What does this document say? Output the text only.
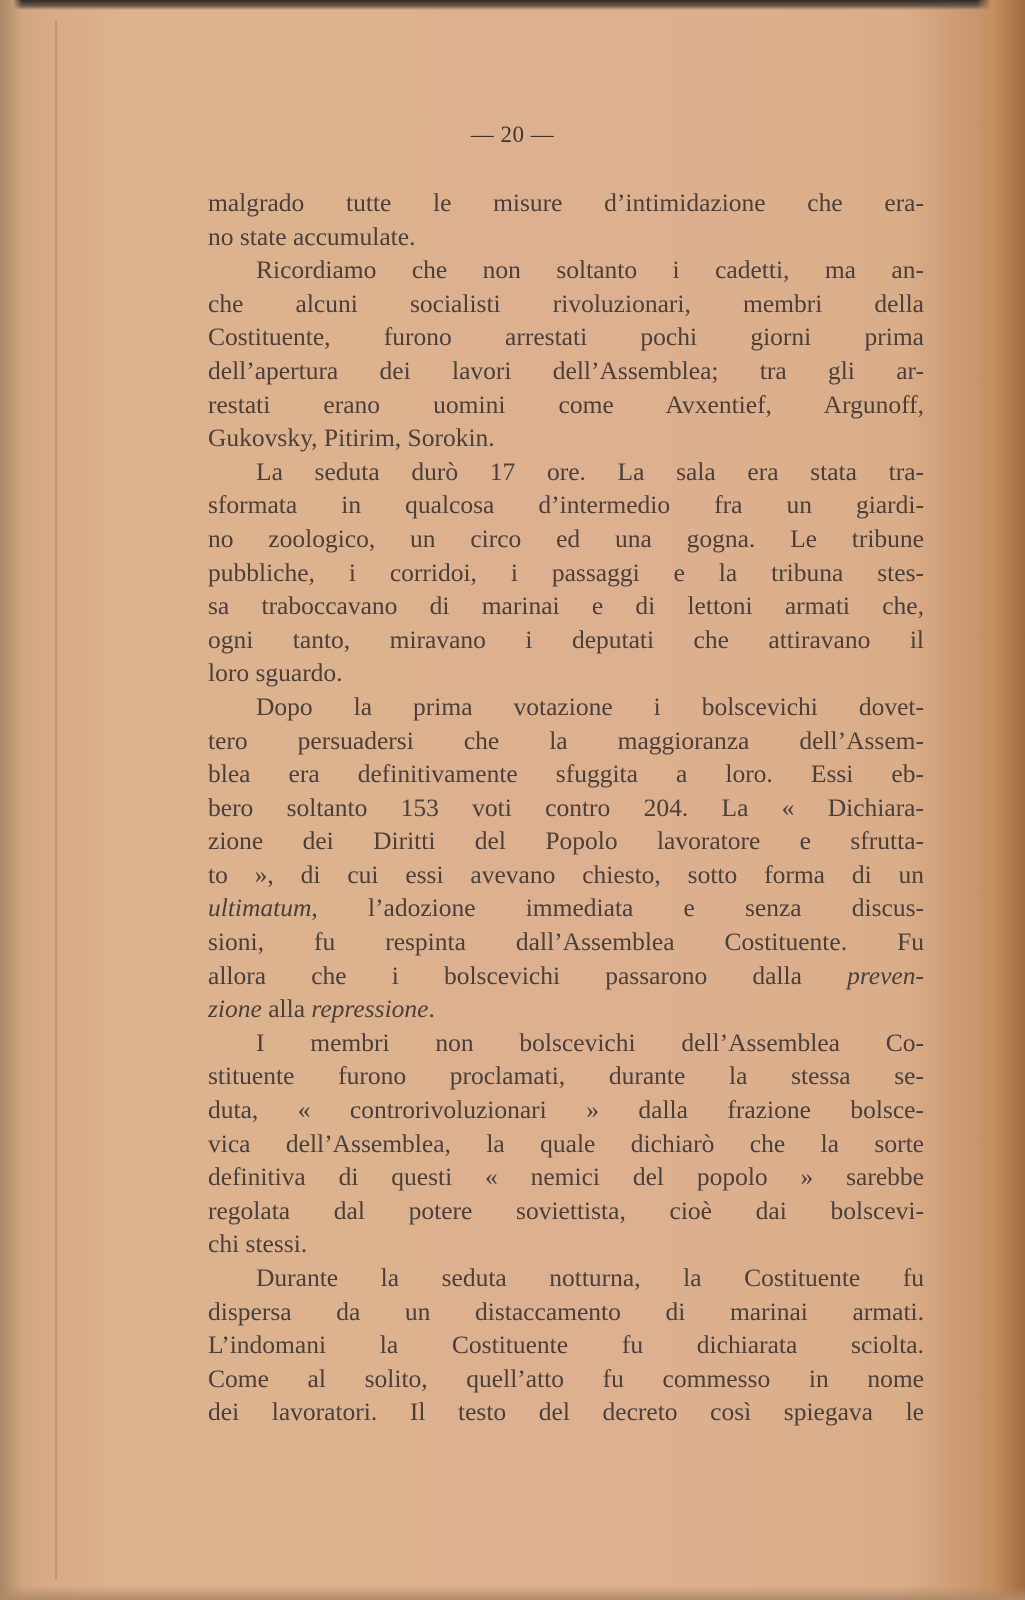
— 20 —
malgrado tutte le misure d’intimidazione che era-
no state accumulate.
Ricordiamo che non soltanto i cadetti, ma an-
che alcuni socialisti rivoluzionari, membri della
Costituente, furono arrestati pochi giorni prima
dell’apertura dei lavori dell’Assemblea; tra gli ar-
restati erano uomini come Avxentief, Argunoff,
Gukovsky, Pitirim, Sorokin.
La seduta durò 17 ore. La sala era stata tra-
sformata in qualcosa d’intermedio fra un giardi-
no zoologico, un circo ed una gogna. Le tribune
pubbliche, i corridoi, i passaggi e la tribuna stes-
sa traboccavano di marinai e di lettoni armati che,
ogni tanto, miravano i deputati che attiravano il
loro sguardo.
Dopo la prima votazione i bolscevichi dovet-
tero persuadersi che la maggioranza dell’Assem-
blea era definitivamente sfuggita a loro. Essi eb-
bero soltanto 153 voti contro 204. La « Dichiara-
zione dei Diritti del Popolo lavoratore e sfrutta-
to », di cui essi avevano chiesto, sotto forma di un
ultimatum, l’adozione immediata e senza discus-
sioni, fu respinta dall’Assemblea Costituente. Fu
allora che i bolscevichi passarono dalla preven-
zione alla repressione.
I membri non bolscevichi dell’Assemblea Co-
stituente furono proclamati, durante la stessa se-
duta, « controrivoluzionari » dalla frazione bolsce-
vica dell’Assemblea, la quale dichiarò che la sorte
definitiva di questi « nemici del popolo » sarebbe
regolata dal potere soviettista, cioè dai bolscevi-
chi stessi.
Durante la seduta notturna, la Costituente fu
dispersa da un distaccamento di marinai armati.
L’indomani la Costituente fu dichiarata sciolta.
Come al solito, quell’atto fu commesso in nome
dei lavoratori. Il testo del decreto così spiegava le
